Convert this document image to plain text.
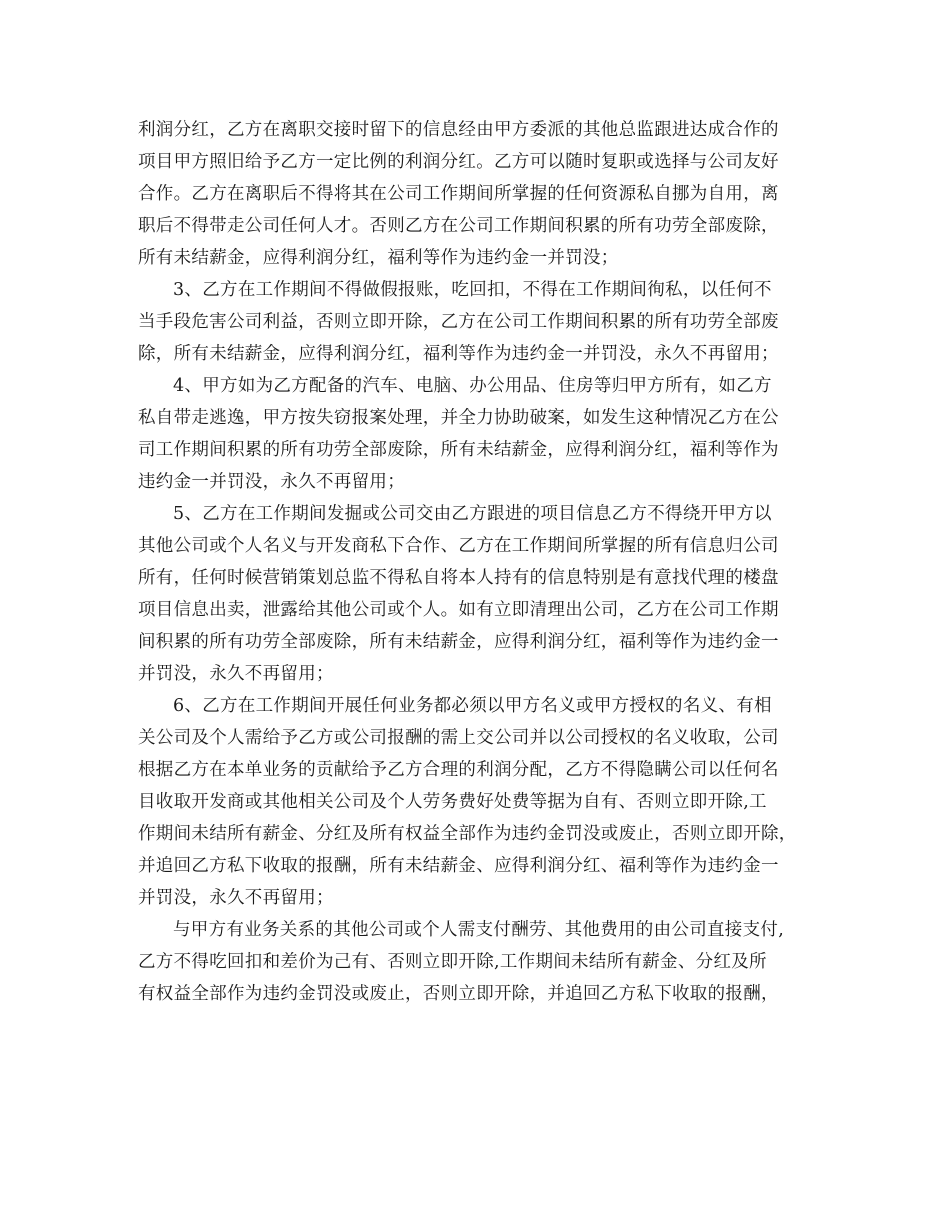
利润分红，乙方在离职交接时留下的信息经由甲方委派的其他总监跟进达成合作的
项目甲方照旧给予乙方一定比例的利润分红。乙方可以随时复职或选择与公司友好
合作。乙方在离职后不得将其在公司工作期间所掌握的任何资源私自挪为自用，离
职后不得带走公司任何人才。否则乙方在公司工作期间积累的所有功劳全部废除，
所有未结薪金，应得利润分红，福利等作为违约金一并罚没；

3、乙方在工作期间不得做假报账，吃回扣，不得在工作期间徇私，以任何不
当手段危害公司利益，否则立即开除，乙方在公司工作期间积累的所有功劳全部废
除，所有未结薪金，应得利润分红，福利等作为违约金一并罚没，永久不再留用；

4、甲方如为乙方配备的汽车、电脑、办公用品、住房等归甲方所有，如乙方
私自带走逃逸，甲方按失窃报案处理，并全力协助破案，如发生这种情况乙方在公
司工作期间积累的所有功劳全部废除，所有未结薪金，应得利润分红，福利等作为
违约金一并罚没，永久不再留用；

5、乙方在工作期间发掘或公司交由乙方跟进的项目信息乙方不得绕开甲方以
其他公司或个人名义与开发商私下合作、乙方在工作期间所掌握的所有信息归公司
所有，任何时候营销策划总监不得私自将本人持有的信息特别是有意找代理的楼盘
项目信息出卖，泄露给其他公司或个人。如有立即清理出公司，乙方在公司工作期
间积累的所有功劳全部废除，所有未结薪金，应得利润分红，福利等作为违约金一
并罚没，永久不再留用；

6、乙方在工作期间开展任何业务都必须以甲方名义或甲方授权的名义、有相
关公司及个人需给予乙方或公司报酬的需上交公司并以公司授权的名义收取，公司
根据乙方在本单业务的贡献给予乙方合理的利润分配，乙方不得隐瞒公司以任何名
目收取开发商或其他相关公司及个人劳务费好处费等据为自有、否则立即开除,工
作期间未结所有薪金、分红及所有权益全部作为违约金罚没或废止，否则立即开除，
并追回乙方私下收取的报酬，所有未结薪金、应得利润分红、福利等作为违约金一
并罚没，永久不再留用；

与甲方有业务关系的其他公司或个人需支付酬劳、其他费用的由公司直接支付,
乙方不得吃回扣和差价为己有、否则立即开除,工作期间未结所有薪金、分红及所
有权益全部作为违约金罚没或废止，否则立即开除，并追回乙方私下收取的报酬，
